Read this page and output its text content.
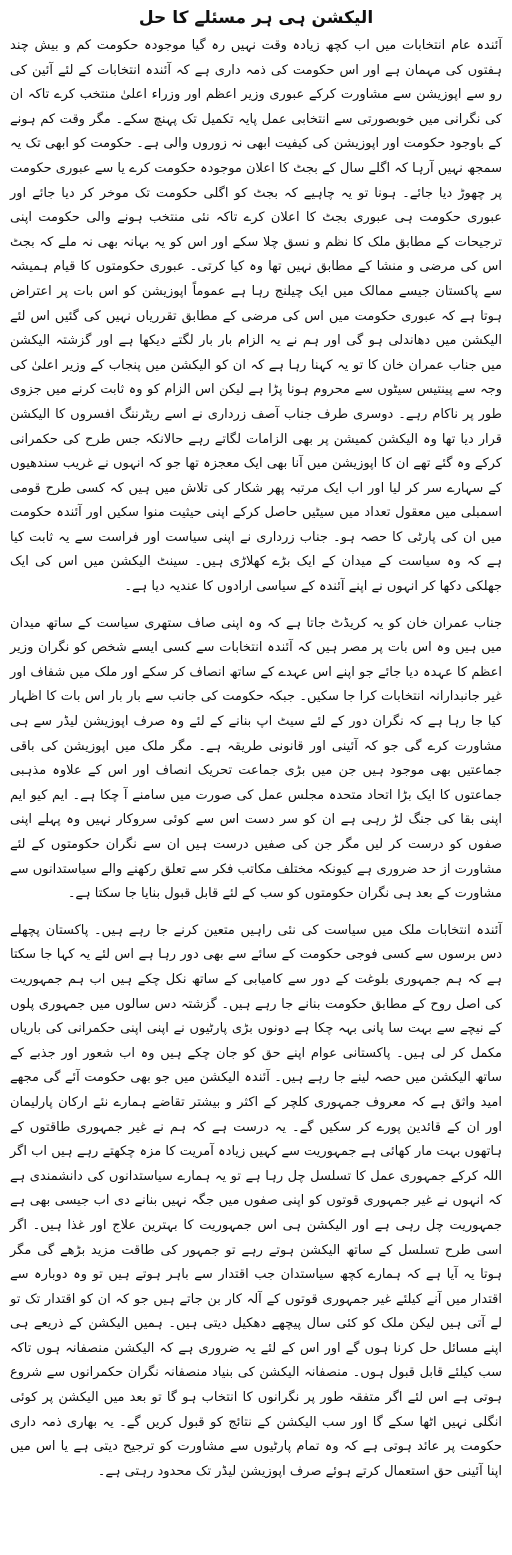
الیکشن ہی ہر مسئلے کا حل

آئندہ عام انتخابات میں اب کچھ زیادہ وقت نہیں رہ گیا موجودہ حکومت کم و بیش چند ہفتوں کی مہمان ہے اور اس حکومت کی ذمہ داری ہے کہ آئندہ انتخابات کے لئے آئین کی رو سے اپوزیشن سے مشاورت کرکے عبوری وزیر اعظم اور وزراء اعلیٰ منتخب کرے تاکہ ان کی نگرانی میں خوبصورتی سے انتخابی عمل پایہ تکمیل تک پہنچ سکے۔ مگر وقت کم ہونے کے باوجود حکومت اور اپوزیشن کی کیفیت ابھی نہ زوروں والی ہے۔ حکومت کو ابھی تک یہ سمجھ نہیں آرہا کہ اگلے سال کے بجٹ کا اعلان موجودہ حکومت کرے یا سے عبوری حکومت پر چھوڑ دیا جائے۔ ہونا تو یہ چاہیے کہ بجٹ کو اگلی حکومت تک موخر کر دیا جائے اور عبوری حکومت ہی عبوری بجٹ کا اعلان کرے تاکہ نئی منتخب ہونے والی حکومت اپنی ترجیحات کے مطابق ملک کا نظم و نسق چلا سکے اور اس کو یہ بہانہ بھی نہ ملے کہ بجٹ اس کی مرضی و منشا کے مطابق نہیں تھا وہ کیا کرتی۔ عبوری حکومتوں کا قیام ہمیشہ سے پاکستان جیسے ممالک میں ایک چیلنج رہا ہے عموماً اپوزیشن کو اس بات پر اعتراض ہوتا ہے کہ عبوری حکومت میں اس کی مرضی کے مطابق تقرریاں نہیں کی گئیں اس لئے الیکشن میں دھاندلی ہو گی اور ہم نے یہ الزام بار بار لگتے دیکھا ہے اور گزشتہ الیکشن میں جناب عمران خان کا تو یہ کہنا رہا ہے کہ ان کو الیکشن میں پنجاب کے وزیر اعلیٰ کی وجہ سے پینتیس سیٹوں سے محروم ہونا پڑا ہے لیکن اس الزام کو وہ ثابت کرنے میں جزوی طور پر ناکام رہے۔ دوسری طرف جناب آصف زرداری نے اسے ریٹرننگ افسروں کا الیکشن قرار دیا تھا وہ الیکشن کمیشن پر بھی الزامات لگاتے رہے حالانکہ جس طرح کی حکمرانی کرکے وہ گئے تھے ان کا اپوزیشن میں آنا بھی ایک معجزہ تھا جو کہ انہوں نے غریب سندھیوں کے سہارے سر کر لیا اور اب ایک مرتبہ پھر شکار کی تلاش میں ہیں کہ کسی طرح قومی اسمبلی میں معقول تعداد میں سیٹیں حاصل کرکے اپنی حیثیت منوا سکیں اور آئندہ حکومت میں ان کی پارٹی کا حصہ ہو۔ جناب زرداری نے اپنی سیاست اور فراست سے یہ ثابت کیا ہے کہ وہ سیاست کے میدان کے ایک بڑے کھلاڑی ہیں۔ سینٹ الیکشن میں اس کی ایک جھلکی دکھا کر انہوں نے اپنے آئندہ کے سیاسی ارادوں کا عندیہ دیا ہے۔

جناب عمران خان کو یہ کریڈٹ جاتا ہے کہ وہ اپنی صاف ستھری سیاست کے ساتھ میدان میں ہیں وہ اس بات پر مصر ہیں کہ آئندہ انتخابات سے کسی ایسے شخص کو نگران وزیر اعظم کا عہدہ دیا جائے جو اپنے اس عہدے کے ساتھ انصاف کر سکے اور ملک میں شفاف اور غیر جانبدارانہ انتخابات کرا جا سکیں۔ جبکہ حکومت کی جانب سے بار بار اس بات کا اظہار کیا جا رہا ہے کہ نگران دور کے لئے سیٹ اپ بنانے کے لئے وہ صرف اپوزیشن لیڈر سے ہی مشاورت کرے گی جو کہ آئینی اور قانونی طریقہ ہے۔ مگر ملک میں اپوزیشن کی باقی جماعتیں بھی موجود ہیں جن میں بڑی جماعت تحریک انصاف اور اس کے علاوہ مذہبی جماعتوں کا ایک بڑا اتحاد متحدہ مجلس عمل کی صورت میں سامنے آ چکا ہے۔ ایم کیو ایم اپنی بقا کی جنگ لڑ رہی ہے ان کو سر دست اس سے کوئی سروکار نہیں وہ پہلے اپنی صفوں کو درست کر لیں مگر جن کی صفیں درست ہیں ان سے نگران حکومتوں کے لئے مشاورت از حد ضروری ہے کیونکہ مختلف مکاتب فکر سے تعلق رکھنے والے سیاستدانوں سے مشاورت کے بعد ہی نگران حکومتوں کو سب کے لئے قابل قبول بنایا جا سکتا ہے۔

آئندہ انتخابات ملک میں سیاست کی نئی راہیں متعین کرنے جا رہے ہیں۔ پاکستان پچھلے دس برسوں سے کسی فوجی حکومت کے سائے سے بھی دور رہا ہے اس لئے یہ کہا جا سکتا ہے کہ ہم جمہوری بلوغت کے دور سے کامیابی کے ساتھ نکل چکے ہیں اب ہم جمہوریت کی اصل روح کے مطابق حکومت بنانے جا رہے ہیں۔ گزشتہ دس سالوں میں جمہوری پلوں کے نیچے سے بہت سا پانی بہہ چکا ہے دونوں بڑی پارٹیوں نے اپنی اپنی حکمرانی کی باریاں مکمل کر لی ہیں۔ پاکستانی عوام اپنے حق کو جان چکے ہیں وہ اب شعور اور جذبے کے ساتھ الیکشن میں حصہ لینے جا رہے ہیں۔ آئندہ الیکشن میں جو بھی حکومت آئے گی مجھے امید واثق ہے کہ معروف جمہوری کلچر کے اکثر و بیشتر تقاضے ہمارے نئے ارکان پارلیمان اور ان کے قائدین پورے کر سکیں گے۔ یہ درست ہے کہ ہم نے غیر جمہوری طاقتوں کے ہاتھوں بہت مار کھائی ہے جمہوریت سے کہیں زیادہ آمریت کا مزہ چکھتے رہے ہیں اب اگر اللہ کرکے جمہوری عمل کا تسلسل چل رہا ہے تو یہ ہمارے سیاستدانوں کی دانشمندی ہے کہ انہوں نے غیر جمہوری قوتوں کو اپنی صفوں میں جگہ نہیں بنانے دی اب جیسی بھی ہے جمہوریت چل رہی ہے اور الیکشن ہی اس جمہوریت کا بہترین علاج اور غذا ہیں۔ اگر اسی طرح تسلسل کے ساتھ الیکشن ہوتے رہے تو جمہور کی طاقت مزید بڑھے گی مگر ہوتا یہ آیا ہے کہ ہمارے کچھ سیاستدان جب اقتدار سے باہر ہوتے ہیں تو وہ دوبارہ سے اقتدار میں آنے کیلئے غیر جمہوری قوتوں کے آلہ کار بن جاتے ہیں جو کہ ان کو اقتدار تک تو لے آتی ہیں لیکن ملک کو کئی سال پیچھے دھکیل دیتی ہیں۔ ہمیں الیکشن کے ذریعے ہی اپنے مسائل حل کرنا ہوں گے اور اس کے لئے یہ ضروری ہے کہ الیکشن منصفانہ ہوں تاکہ سب کیلئے قابل قبول ہوں۔ منصفانہ الیکشن کی بنیاد منصفانہ نگران حکمرانوں سے شروع ہوتی ہے اس لئے اگر متفقہ طور پر نگرانوں کا انتخاب ہو گا تو بعد میں الیکشن پر کوئی انگلی نہیں اٹھا سکے گا اور سب الیکشن کے نتائج کو قبول کریں گے۔ یہ بھاری ذمہ داری حکومت پر عائد ہوتی ہے کہ وہ تمام پارٹیوں سے مشاورت کو ترجیح دیتی ہے یا اس میں اپنا آئینی حق استعمال کرتے ہوئے صرف اپوزیشن لیڈر تک محدود رہتی ہے۔
